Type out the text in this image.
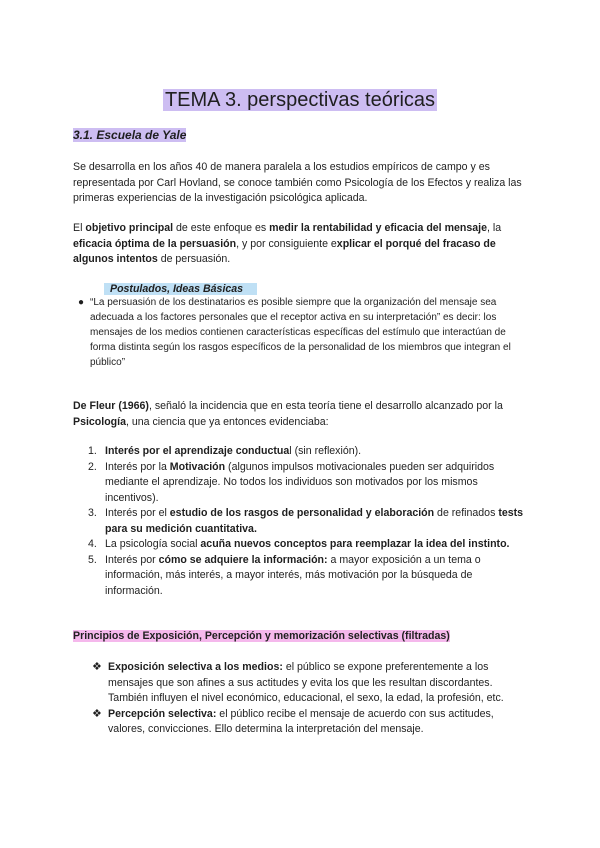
TEMA 3. perspectivas teóricas
3.1. Escuela de Yale

Se desarrolla en los años 40 de manera paralela a los estudios empíricos de campo y es representada por Carl Hovland, se conoce también como Psicología de los Efectos y realiza las primeras experiencias de la investigación psicológica aplicada.

El objetivo principal de este enfoque es medir la rentabilidad y eficacia del mensaje, la eficacia óptima de la persuasión, y por consiguiente explicar el porqué del fracaso de algunos intentos de persuasión.

Postulados, Ideas Básicas
● “La persuasión de los destinatarios es posible siempre que la organización del mensaje sea adecuada a los factores personales que el receptor activa en su interpretación” es decir: los mensajes de los medios contienen características específicas del estímulo que interactúan de forma distinta según los rasgos específicos de la personalidad de los miembros que integran el público”

De Fleur (1966), señaló la incidencia que en esta teoría tiene el desarrollo alcanzado por la Psicología, una ciencia que ya entonces evidenciaba:

1. Interés por el aprendizaje conductual (sin reflexión).
2. Interés por la Motivación (algunos impulsos motivacionales pueden ser adquiridos mediante el aprendizaje. No todos los individuos son motivados por los mismos incentivos).
3. Interés por el estudio de los rasgos de personalidad y elaboración de refinados tests para su medición cuantitativa.
4. La psicología social acuña nuevos conceptos para reemplazar la idea del instinto.
5. Interés por cómo se adquiere la información: a mayor exposición a un tema o información, más interés, a mayor interés, más motivación por la búsqueda de información.
Principios de Exposición, Percepción y memorización selectivas (filtradas)
❖ Exposición selectiva a los medios: el público se expone preferentemente a los mensajes que son afines a sus actitudes y evita los que les resultan discordantes. También influyen el nivel económico, educacional, el sexo, la edad, la profesión, etc.
❖ Percepción selectiva: el público recibe el mensaje de acuerdo con sus actitudes, valores, convicciones. Ello determina la interpretación del mensaje.
